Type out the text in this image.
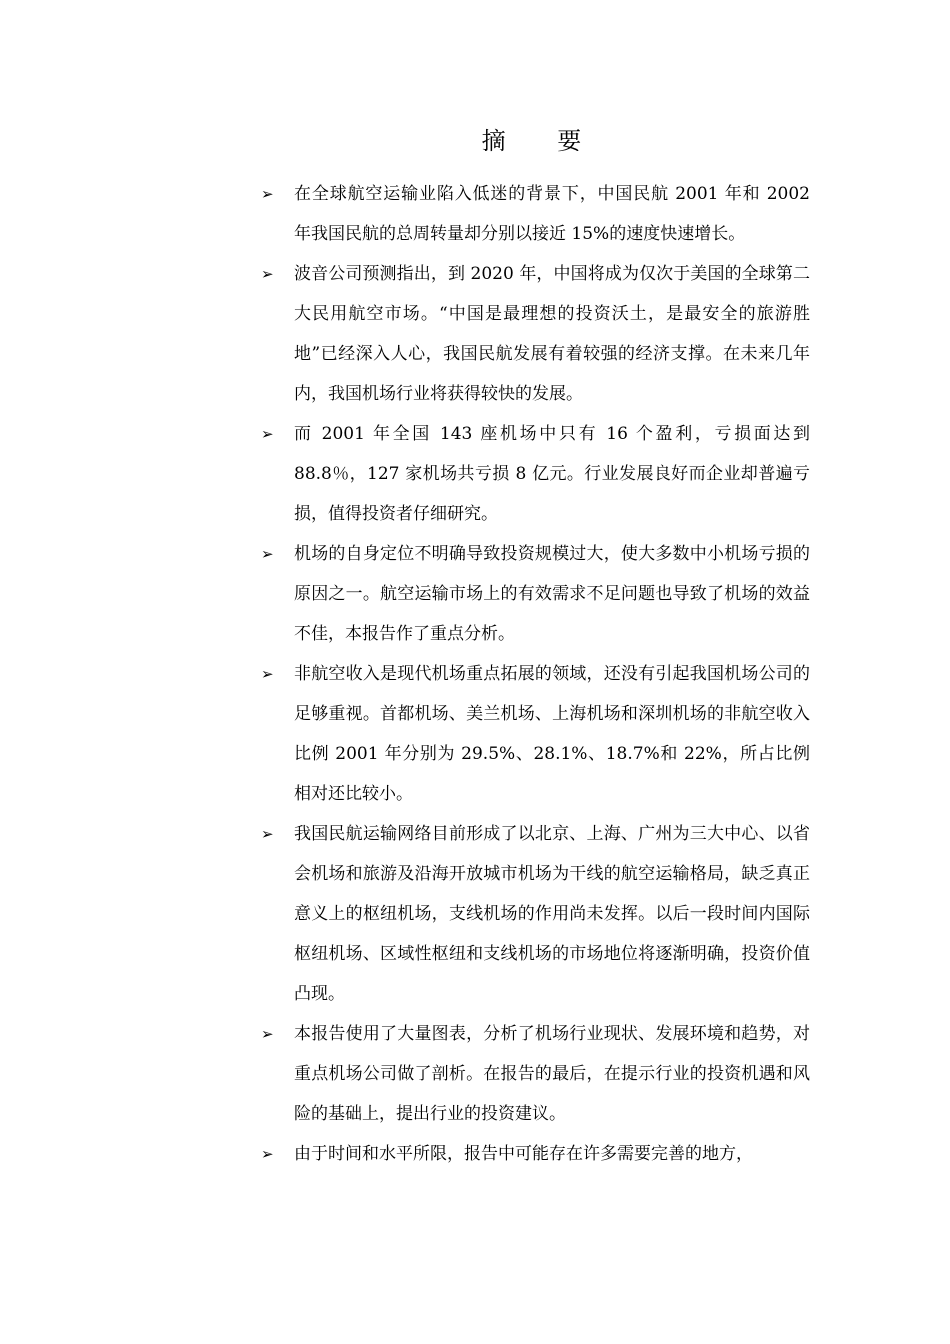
摘 要
➢ 在全球航空运输业陷入低迷的背景下，中国民航 2001 年和 2002 年我国民航的总周转量却分别以接近 15%的速度快速增长。
➢ 波音公司预测指出，到 2020 年，中国将成为仅次于美国的全球第二大民用航空市场。“中国是最理想的投资沃土，是最安全的旅游胜地”已经深入人心，我国民航发展有着较强的经济支撑。在未来几年内，我国机场行业将获得较快的发展。
➢ 而 2001 年全国 143 座机场中只有 16 个盈利，亏损面达到 88.8％，127 家机场共亏损 8 亿元。行业发展良好而企业却普遍亏损，值得投资者仔细研究。
➢ 机场的自身定位不明确导致投资规模过大，使大多数中小机场亏损的原因之一。航空运输市场上的有效需求不足问题也导致了机场的效益不佳，本报告作了重点分析。
➢ 非航空收入是现代机场重点拓展的领域，还没有引起我国机场公司的足够重视。首都机场、美兰机场、上海机场和深圳机场的非航空收入比例 2001 年分别为 29.5%、28.1%、18.7%和 22%，所占比例相对还比较小。
➢ 我国民航运输网络目前形成了以北京、上海、广州为三大中心、以省会机场和旅游及沿海开放城市机场为干线的航空运输格局，缺乏真正意义上的枢纽机场，支线机场的作用尚未发挥。以后一段时间内国际枢纽机场、区域性枢纽和支线机场的市场地位将逐渐明确，投资价值凸现。
➢ 本报告使用了大量图表，分析了机场行业现状、发展环境和趋势，对重点机场公司做了剖析。在报告的最后，在提示行业的投资机遇和风险的基础上，提出行业的投资建议。
➢ 由于时间和水平所限，报告中可能存在许多需要完善的地方，
